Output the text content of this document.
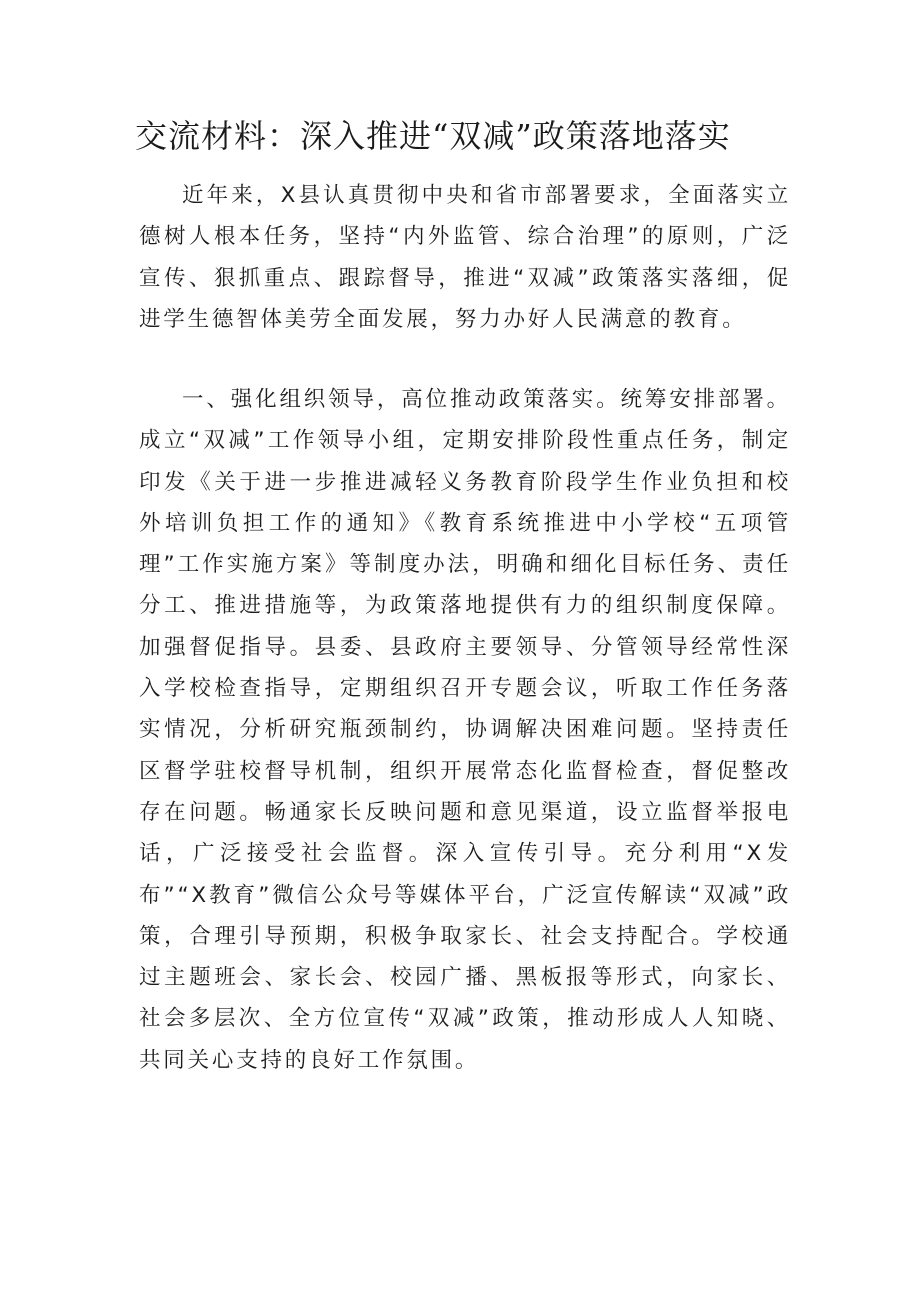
交流材料：深入推进“双减”政策落地落实

近年来，X县认真贯彻中央和省市部署要求，全面落实立德树人根本任务，坚持“内外监管、综合治理”的原则，广泛宣传、狠抓重点、跟踪督导，推进“双减”政策落实落细，促进学生德智体美劳全面发展，努力办好人民满意的教育。

一、强化组织领导，高位推动政策落实。统筹安排部署。成立“双减”工作领导小组，定期安排阶段性重点任务，制定印发《关于进一步推进减轻义务教育阶段学生作业负担和校外培训负担工作的通知》《教育系统推进中小学校“五项管理”工作实施方案》等制度办法，明确和细化目标任务、责任分工、推进措施等，为政策落地提供有力的组织制度保障。加强督促指导。县委、县政府主要领导、分管领导经常性深入学校检查指导，定期组织召开专题会议，听取工作任务落实情况，分析研究瓶颈制约，协调解决困难问题。坚持责任区督学驻校督导机制，组织开展常态化监督检查，督促整改存在问题。畅通家长反映问题和意见渠道，设立监督举报电话，广泛接受社会监督。深入宣传引导。充分利用“X发布”“X教育”微信公众号等媒体平台，广泛宣传解读“双减”政策，合理引导预期，积极争取家长、社会支持配合。学校通过主题班会、家长会、校园广播、黑板报等形式，向家长、社会多层次、全方位宣传“双减”政策，推动形成人人知晓、共同关心支持的良好工作氛围。
